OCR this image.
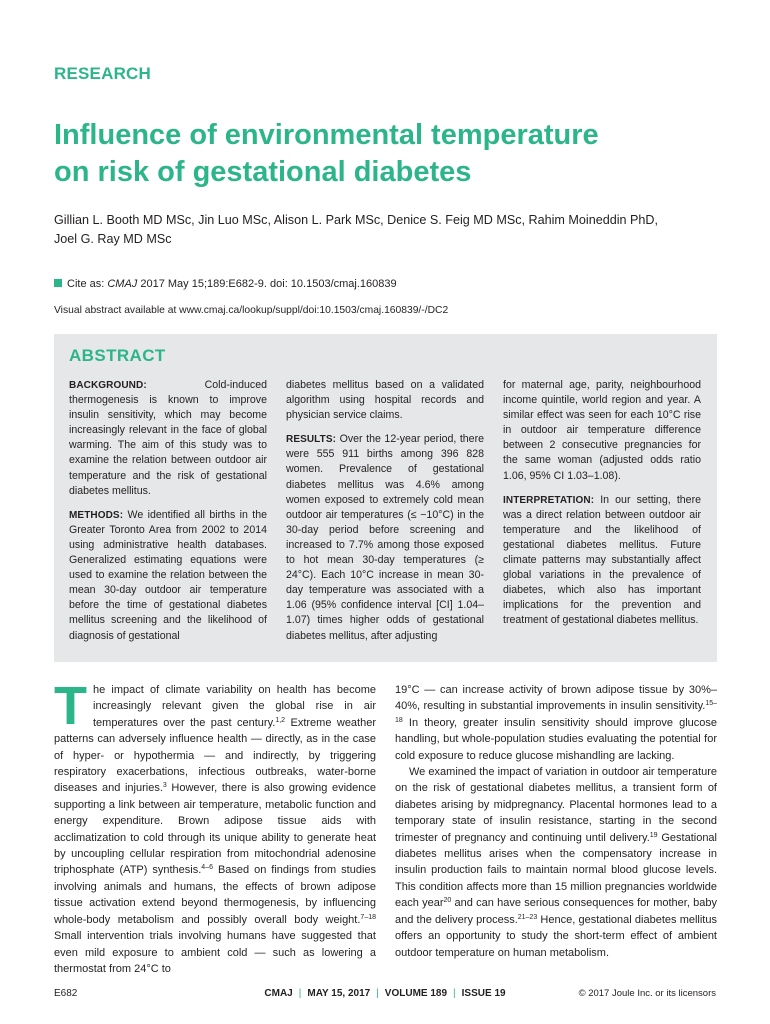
RESEARCH
Influence of environmental temperature
on risk of gestational diabetes
Gillian L. Booth MD MSc, Jin Luo MSc, Alison L. Park MSc, Denice S. Feig MD MSc, Rahim Moineddin PhD,
Joel G. Ray MD MSc
Cite as: CMAJ 2017 May 15;189:E682-9. doi: 10.1503/cmaj.160839
Visual abstract available at www.cmaj.ca/lookup/suppl/doi:10.1503/cmaj.160839/-/DC2
ABSTRACT

BACKGROUND: Cold-induced thermogenesis is known to improve insulin sensitivity, which may become increasingly relevant in the face of global warming. The aim of this study was to examine the relation between outdoor air temperature and the risk of gestational diabetes mellitus.

METHODS: We identified all births in the Greater Toronto Area from 2002 to 2014 using administrative health databases. Generalized estimating equations were used to examine the relation between the mean 30-day outdoor air temperature before the time of gestational diabetes mellitus screening and the likelihood of diagnosis of gestational

diabetes mellitus based on a validated algorithm using hospital records and physician service claims.

RESULTS: Over the 12-year period, there were 555 911 births among 396 828 women. Prevalence of gestational diabetes mellitus was 4.6% among women exposed to extremely cold mean outdoor air temperatures (≤ −10°C) in the 30-day period before screening and increased to 7.7% among those exposed to hot mean 30-day temperatures (≥ 24°C). Each 10°C increase in mean 30-day temperature was associated with a 1.06 (95% confidence interval [CI] 1.04–1.07) times higher odds of gestational diabetes mellitus, after adjusting

for maternal age, parity, neighbourhood income quintile, world region and year. A similar effect was seen for each 10°C rise in outdoor air temperature difference between 2 consecutive pregnancies for the same woman (adjusted odds ratio 1.06, 95% CI 1.03–1.08).

INTERPRETATION: In our setting, there was a direct relation between outdoor air temperature and the likelihood of gestational diabetes mellitus. Future climate patterns may substantially affect global variations in the prevalence of diabetes, which also has important implications for the prevention and treatment of gestational diabetes mellitus.

The impact of climate variability on health has become increasingly relevant given the global rise in air temperatures over the past century.$^{1,2}$ Extreme weather patterns can adversely influence health — directly, as in the case of hyper- or hypothermia — and indirectly, by triggering respiratory exacerbations, infectious outbreaks, water-borne diseases and injuries.$^3$ However, there is also growing evidence supporting a link between air temperature, metabolic function and energy expenditure. Brown adipose tissue aids with acclimatization to cold through its unique ability to generate heat by uncoupling cellular respiration from mitochondrial adenosine triphosphate (ATP) synthesis.$^{4-6}$ Based on findings from studies involving animals and humans, the effects of brown adipose tissue activation extend beyond thermogenesis, by influencing whole-body metabolism and possibly overall body weight.$^{7-18}$ Small intervention trials involving humans have suggested that even mild exposure to ambient cold — such as lowering a thermostat from 24°C to

19°C — can increase activity of brown adipose tissue by 30%–40%, resulting in substantial improvements in insulin sensitivity.$^{15-18}$ In theory, greater insulin sensitivity should improve glucose handling, but whole-population studies evaluating the potential for cold exposure to reduce glucose mishandling are lacking.

We examined the impact of variation in outdoor air temperature on the risk of gestational diabetes mellitus, a transient form of diabetes arising by midpregnancy. Placental hormones lead to a temporary state of insulin resistance, starting in the second trimester of pregnancy and continuing until delivery.$^{19}$ Gestational diabetes mellitus arises when the compensatory increase in insulin production fails to maintain normal blood glucose levels. This condition affects more than 15 million pregnancies worldwide each year$^{20}$ and can have serious consequences for mother, baby and the delivery process.$^{21-23}$ Hence, gestational diabetes mellitus offers an opportunity to study the short-term effect of ambient outdoor temperature on human metabolism.

E682	CMAJ | MAY 15, 2017 | VOLUME 189 | ISSUE 19	© 2017 Joule Inc. or its licensors
